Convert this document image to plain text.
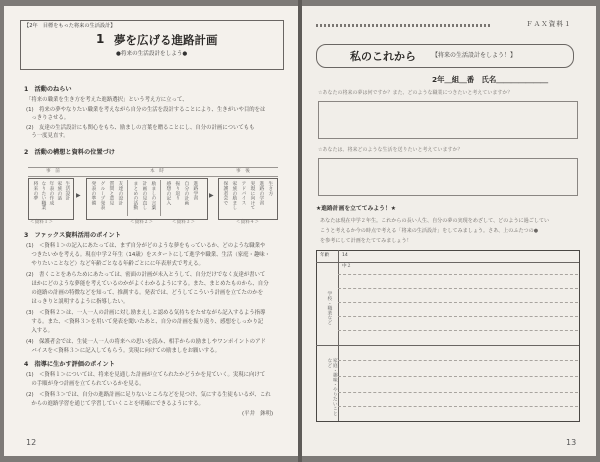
【2年　目標をもった将来の生活設計】
1 夢を広げる進路計画
●将来の生活設計をしよう●
1　活動のねらい
「将来の職業を生き方を考えた進路選択」という考え方に立って、
(1)　将来の夢やなりたい職業を考えながら自分の生活を設計することにより、生きがいや目的をは
　っきりさせる。
(2)　友達の生活設計にも関心をもち、励ましの言葉を贈ることにし、自分の計画についてもも
　う一度見直す。
2　活動の構想と資料の位置づけ
事　前	本　時	事　後
将来の夢 なりたい職業 年表の作成 家族の話 生活設計 ▶ 発表の準備 グループ発表 質問と意見 友達の設計 まとめの活動 計画の見直し 励ましの言葉 感想の記入 振り返り 自分の計画 進路学習 ▶ 保護者会で 家族の励まし アドバイス 実現に向けて 進路の学習 生き方
＜資料１＞	＜資料２＞	＜資料３＞	＜資料４＞
3　ファックス資料活用のポイント
(1)　＜資料１＞の記入にあたっては、まず自分がどのような夢をもっているか、どのような職業や
　つきたいかを考える。現在中学２年生（14歳）をスタートにして進学や職業、生活（家庭・趣味・
　やりたいことなど）など年齢ごとなる年齢ごとにに年表形式で考える。
(2)　書くことをあらためにあたっては、密面の計画が未入とうして、自分だけでなく友達が書いて
　ほかにどのような夢能を考えているのかがよくわかるようにする。また、まとめたものから、自分
　の進路の計画の特徴などを知って、推測する。発表では、どうしてこういう計画を立てたのかを
　はっきりと説明するように指導したい。
(3)　＜資料２＞は、一人一人の計画に対し励まえしと認める気持ちをたせながら記入するよう指導
　する。また、＜資料３＞を用いて発表を聞いたあと、自分の計画を振り返り、感想をしっかり記
　入する。
(4)　保護者会では、生徒一人一人の将来への思いを読み、相手からの励ましやワンポイントのアド
　バイスを＜資料３＞に記入してもらう。実現に向けての励ましをお願いする。
4　指導に生かす評価のポイント
(1)　＜資料１＞については、将来を見通した計画が立てられたかどうかを見ていく。実現に向けて
　の手順が身つ計画を立てられているかを見る。
(2)　＜資料３＞では、自分の進路計画に足りないところなどを見つけ、気にする生徒もいるが、これ
　からの進路学習を通じて学習していくことを明確にできるようにする。
(平井　鉢明)
12
ＦＡＸ資料１
私のこれから	【将来の生活設計をしよう！】
2年＿組＿番　氏名＿＿＿＿＿＿＿
☆あなたの将来の夢は何ですか？また、どのような職業につきたいと考えていますか？
☆あなたは、将来どのような生活を送りたいと考えていますか？
★進路計画を立ててみよう！★
あなたは現在中学２年生。これからの長い人生、自分の夢の実現をめざして、どのように過ごしてい
こうと考えるか今の時点で考える「将来の生活設計」をしてみましょう。さあ、上のふたつの●
を参考にして計画をたててみましょう！
年齢	14
中２
学校・職業など
家庭・趣味・やりたいことなど
13
